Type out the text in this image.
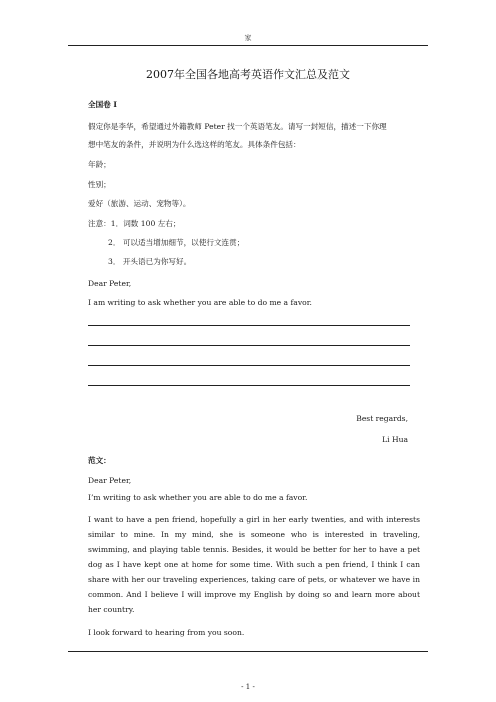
家
2007年全国各地高考英语作文汇总及范文
全国卷 I
假定你是李华，希望通过外籍教师 Peter 找一个英语笔友。请写一封短信，描述一下你理
想中笔友的条件，并说明为什么选这样的笔友。具体条件包括：
年龄；
性别；
爱好（旅游、运动、宠物等）。
注意：1．词数 100 左右；
2． 可以适当增加细节，以使行文连贯；
3． 开头语已为你写好。
Dear Peter,
I am writing to ask whether you are able to do me a favor.
Best regards,
Li Hua
范文：
Dear Peter,
I’m writing to ask whether you are able to do me a favor.

I want to have a pen friend, hopefully a girl in her early twenties, and with interests similar to mine. In my mind, she is someone who is interested in traveling, swimming, and playing table tennis. Besides, it would be better for her to have a pet dog as I have kept one at home for some time. With such a pen friend, I think I can share with her our traveling experiences, taking care of pets, or whatever we have in common. And I believe I will improve my English by doing so and learn more about her country.

I look forward to hearing from you soon.
- 1 -
